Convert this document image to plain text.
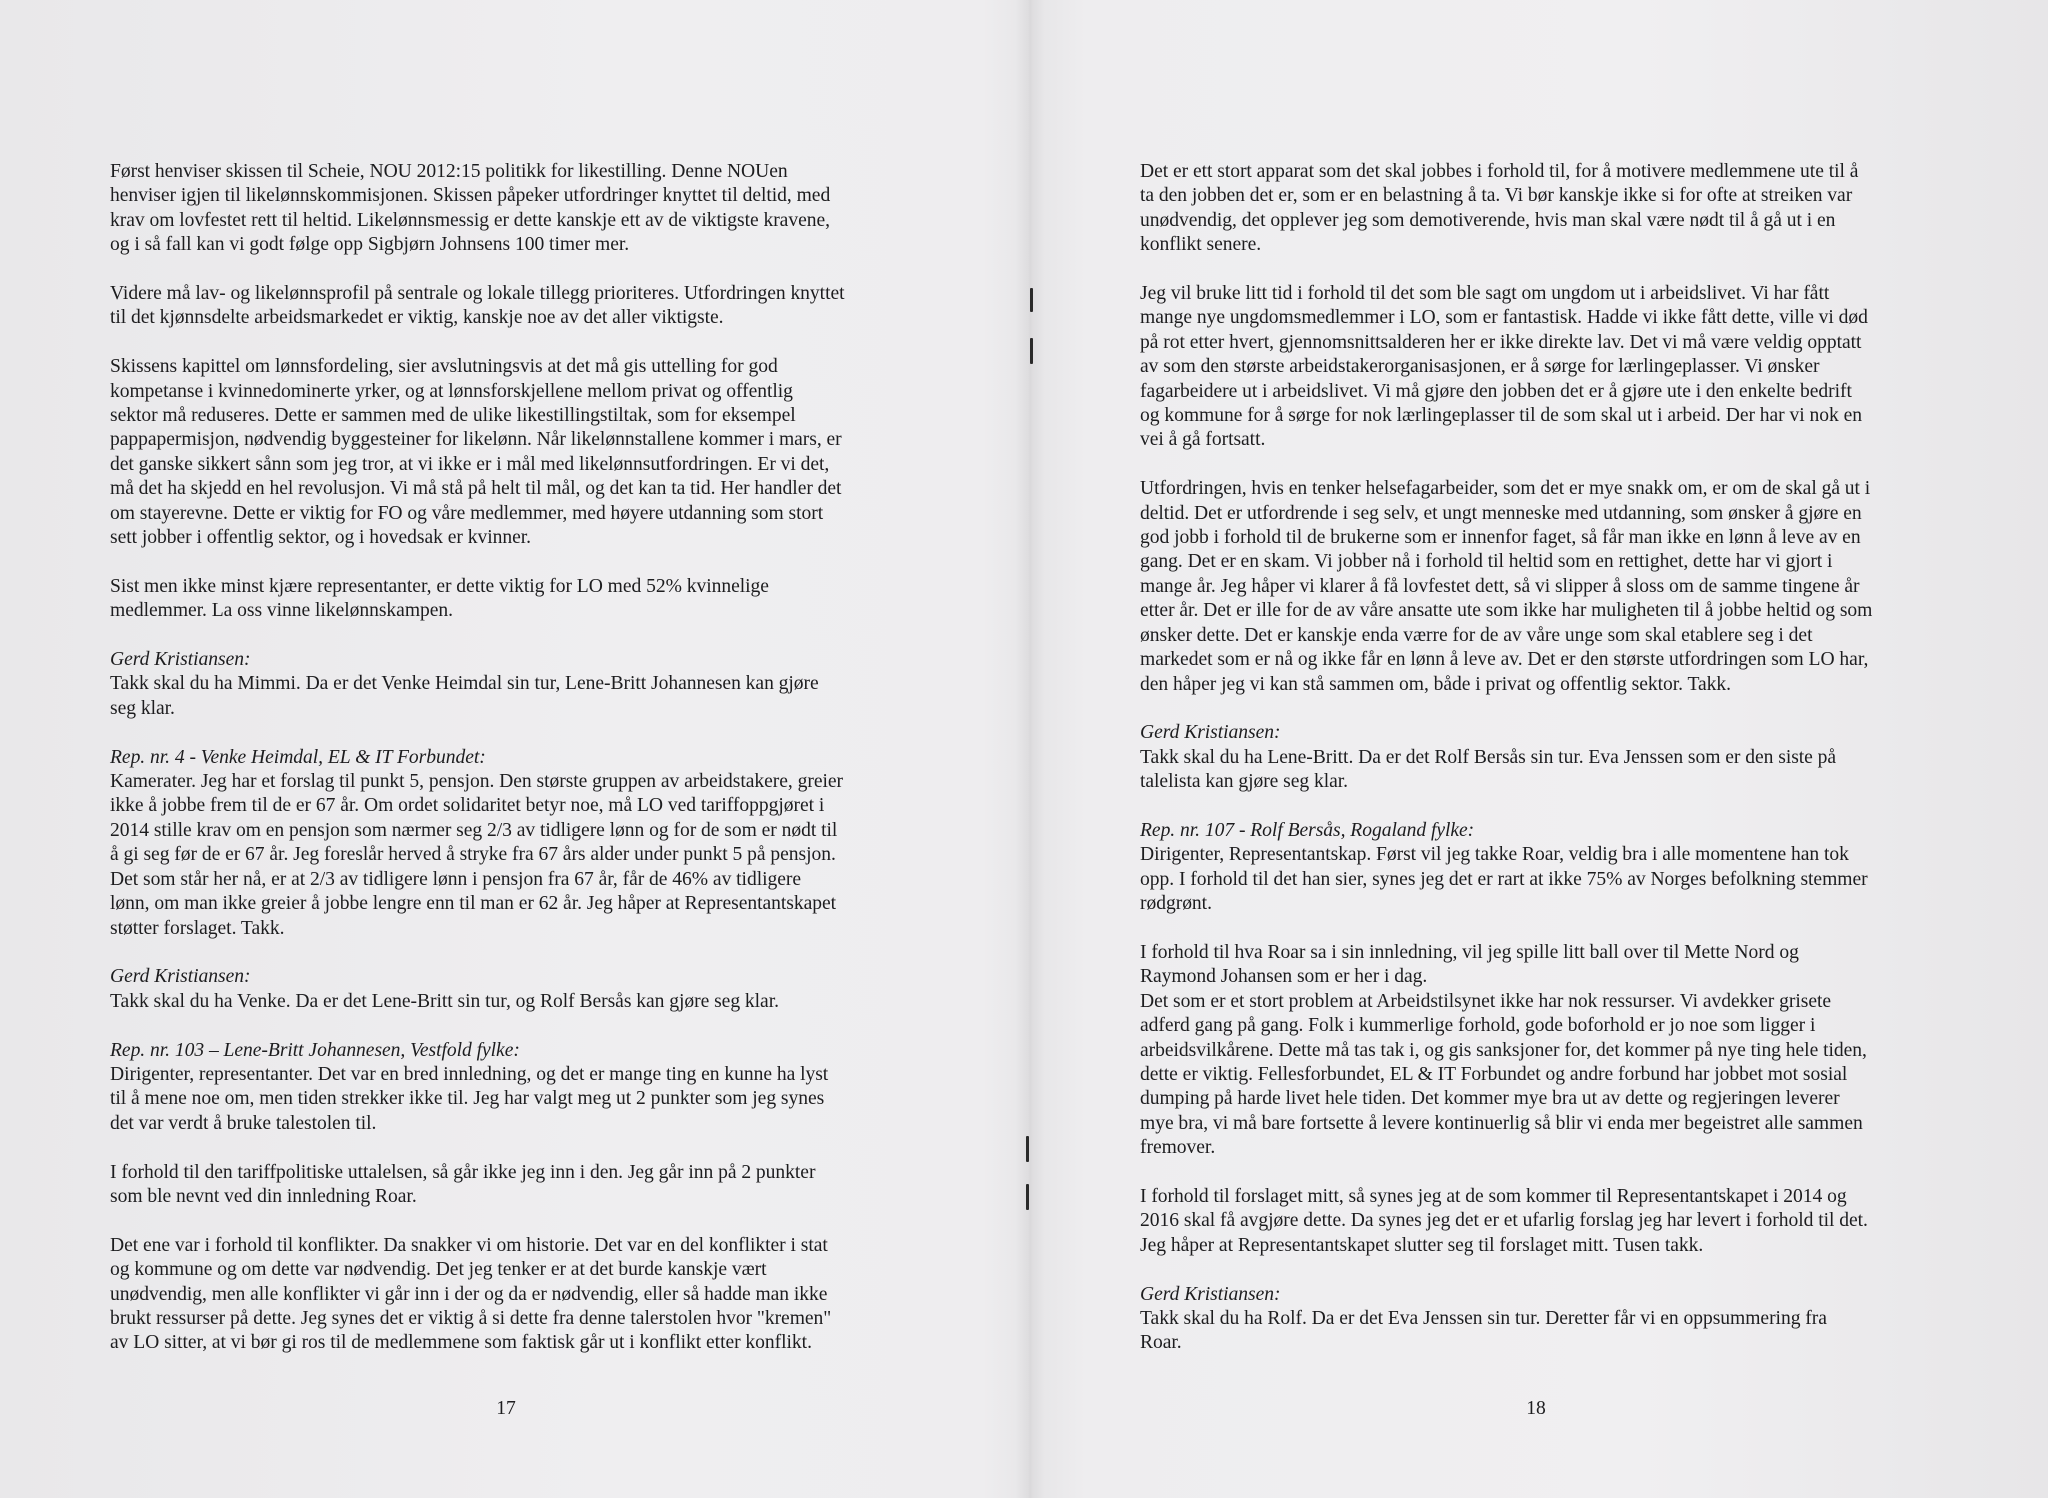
Først henviser skissen til Scheie, NOU 2012:15 politikk for likestilling. Denne NOUen
henviser igjen til likelønnskommisjonen. Skissen påpeker utfordringer knyttet til deltid, med
krav om lovfestet rett til heltid. Likelønnsmessig er dette kanskje ett av de viktigste kravene,
og i så fall kan vi godt følge opp Sigbjørn Johnsens 100 timer mer.

Videre må lav- og likelønnsprofil på sentrale og lokale tillegg prioriteres. Utfordringen knyttet
til det kjønnsdelte arbeidsmarkedet er viktig, kanskje noe av det aller viktigste.

Skissens kapittel om lønnsfordeling, sier avslutningsvis at det må gis uttelling for god
kompetanse i kvinnedominerte yrker, og at lønnsforskjellene mellom privat og offentlig
sektor må reduseres. Dette er sammen med de ulike likestillingstiltak, som for eksempel
pappapermisjon, nødvendig byggesteiner for likelønn. Når likelønnstallene kommer i mars, er
det ganske sikkert sånn som jeg tror, at vi ikke er i mål med likelønnsutfordringen. Er vi det,
må det ha skjedd en hel revolusjon. Vi må stå på helt til mål, og det kan ta tid. Her handler det
om stayerevne. Dette er viktig for FO og våre medlemmer, med høyere utdanning som stort
sett jobber i offentlig sektor, og i hovedsak er kvinner.

Sist men ikke minst kjære representanter, er dette viktig for LO med 52% kvinnelige
medlemmer. La oss vinne likelønnskampen.

Gerd Kristiansen:

Takk skal du ha Mimmi. Da er det Venke Heimdal sin tur, Lene-Britt Johannesen kan gjøre
seg klar.

Rep. nr. 4 - Venke Heimdal, EL & IT Forbundet:

Kamerater. Jeg har et forslag til punkt 5, pensjon. Den største gruppen av arbeidstakere, greier
ikke å jobbe frem til de er 67 år. Om ordet solidaritet betyr noe, må LO ved tariffoppgjøret i
2014 stille krav om en pensjon som nærmer seg 2/3 av tidligere lønn og for de som er nødt til
å gi seg før de er 67 år. Jeg foreslår herved å stryke fra 67 års alder under punkt 5 på pensjon.
Det som står her nå, er at 2/3 av tidligere lønn i pensjon fra 67 år, får de 46% av tidligere
lønn, om man ikke greier å jobbe lengre enn til man er 62 år. Jeg håper at Representantskapet
støtter forslaget. Takk.

Gerd Kristiansen:

Takk skal du ha Venke. Da er det Lene-Britt sin tur, og Rolf Bersås kan gjøre seg klar.

Rep. nr. 103 – Lene-Britt Johannesen, Vestfold fylke:

Dirigenter, representanter. Det var en bred innledning, og det er mange ting en kunne ha lyst
til å mene noe om, men tiden strekker ikke til. Jeg har valgt meg ut 2 punkter som jeg synes
det var verdt å bruke talestolen til.

I forhold til den tariffpolitiske uttalelsen, så går ikke jeg inn i den. Jeg går inn på 2 punkter
som ble nevnt ved din innledning Roar.

Det ene var i forhold til konflikter. Da snakker vi om historie. Det var en del konflikter i stat
og kommune og om dette var nødvendig. Det jeg tenker er at det burde kanskje vært
unødvendig, men alle konflikter vi går inn i der og da er nødvendig, eller så hadde man ikke
brukt ressurser på dette. Jeg synes det er viktig å si dette fra denne talerstolen hvor "kremen"
av LO sitter, at vi bør gi ros til de medlemmene som faktisk går ut i konflikt etter konflikt.

17

Det er ett stort apparat som det skal jobbes i forhold til, for å motivere medlemmene ute til å
ta den jobben det er, som er en belastning å ta. Vi bør kanskje ikke si for ofte at streiken var
unødvendig, det opplever jeg som demotiverende, hvis man skal være nødt til å gå ut i en
konflikt senere.

Jeg vil bruke litt tid i forhold til det som ble sagt om ungdom ut i arbeidslivet. Vi har fått
mange nye ungdomsmedlemmer i LO, som er fantastisk. Hadde vi ikke fått dette, ville vi død
på rot etter hvert, gjennomsnittsalderen her er ikke direkte lav. Det vi må være veldig opptatt
av som den største arbeidstakerorganisasjonen, er å sørge for lærlingeplasser. Vi ønsker
fagarbeidere ut i arbeidslivet. Vi må gjøre den jobben det er å gjøre ute i den enkelte bedrift
og kommune for å sørge for nok lærlingeplasser til de som skal ut i arbeid. Der har vi nok en
vei å gå fortsatt.

Utfordringen, hvis en tenker helsefagarbeider, som det er mye snakk om, er om de skal gå ut i
deltid. Det er utfordrende i seg selv, et ungt menneske med utdanning, som ønsker å gjøre en
god jobb i forhold til de brukerne som er innenfor faget, så får man ikke en lønn å leve av en
gang. Det er en skam. Vi jobber nå i forhold til heltid som en rettighet, dette har vi gjort i
mange år. Jeg håper vi klarer å få lovfestet dett, så vi slipper å sloss om de samme tingene år
etter år. Det er ille for de av våre ansatte ute som ikke har muligheten til å jobbe heltid og som
ønsker dette. Det er kanskje enda værre for de av våre unge som skal etablere seg i det
markedet som er nå og ikke får en lønn å leve av. Det er den største utfordringen som LO har,
den håper jeg vi kan stå sammen om, både i privat og offentlig sektor. Takk.

Gerd Kristiansen:

Takk skal du ha Lene-Britt. Da er det Rolf Bersås sin tur. Eva Jenssen som er den siste på
talelista kan gjøre seg klar.

Rep. nr. 107 - Rolf Bersås, Rogaland fylke:

Dirigenter, Representantskap. Først vil jeg takke Roar, veldig bra i alle momentene han tok
opp. I forhold til det han sier, synes jeg det er rart at ikke 75% av Norges befolkning stemmer
rødgrønt.

I forhold til hva Roar sa i sin innledning, vil jeg spille litt ball over til Mette Nord og
Raymond Johansen som er her i dag.
Det som er et stort problem at Arbeidstilsynet ikke har nok ressurser. Vi avdekker grisete
adferd gang på gang. Folk i kummerlige forhold, gode boforhold er jo noe som ligger i
arbeidsvilkårene. Dette må tas tak i, og gis sanksjoner for, det kommer på nye ting hele tiden,
dette er viktig. Fellesforbundet, EL & IT Forbundet og andre forbund har jobbet mot sosial
dumping på harde livet hele tiden. Det kommer mye bra ut av dette og regjeringen leverer
mye bra, vi må bare fortsette å levere kontinuerlig så blir vi enda mer begeistret alle sammen
fremover.

I forhold til forslaget mitt, så synes jeg at de som kommer til Representantskapet i 2014 og
2016 skal få avgjøre dette. Da synes jeg det er et ufarlig forslag jeg har levert i forhold til det.
Jeg håper at Representantskapet slutter seg til forslaget mitt. Tusen takk.

Gerd Kristiansen:

Takk skal du ha Rolf. Da er det Eva Jenssen sin tur. Deretter får vi en oppsummering fra
Roar.

18
